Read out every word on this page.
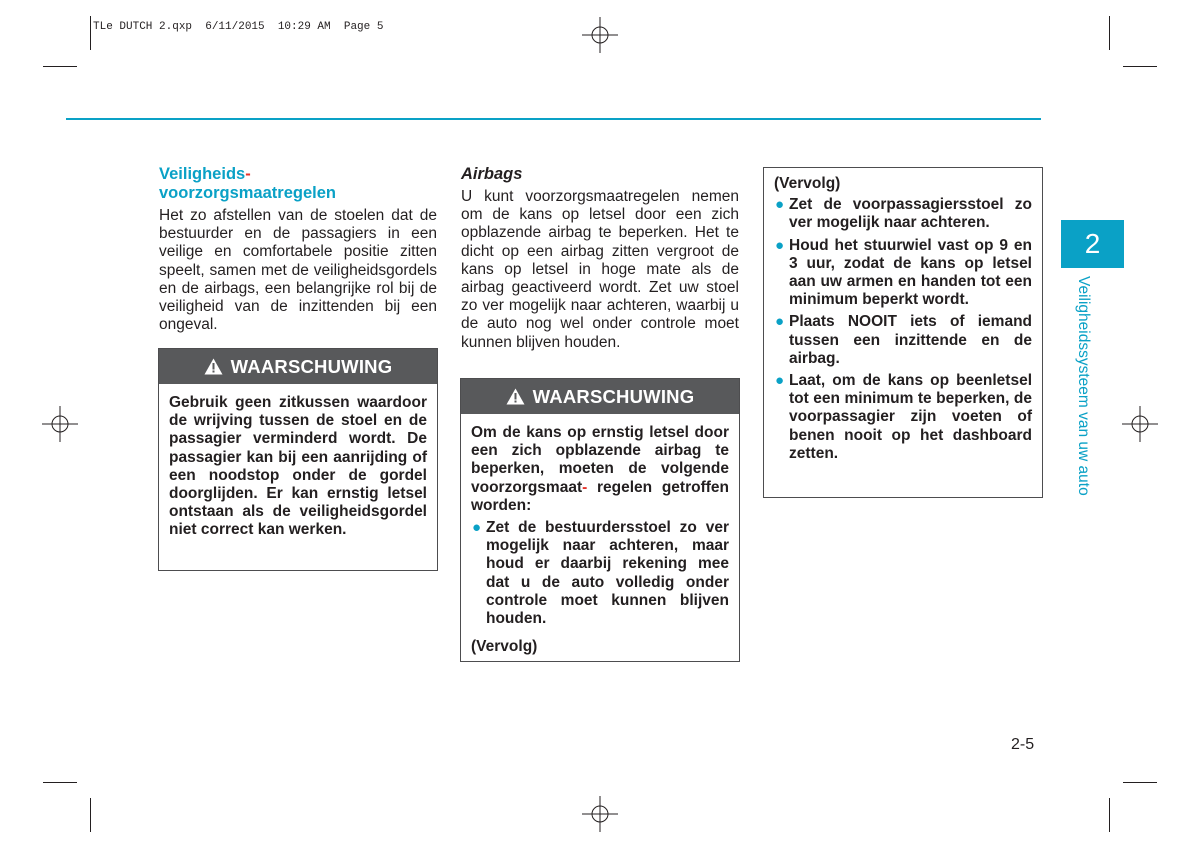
TLe DUTCH 2.qxp  6/11/2015  10:29 AM  Page 5
Veiligheids-
voorzorgsmaatregelen
Het zo afstellen van de stoelen dat de bestuurder en de passagiers in een veilige en comfortabele positie zitten speelt, samen met de veiligheidsgordels en de airbags, een belangrijke rol bij de veiligheid van de inzittenden bij een ongeval.
WAARSCHUWING
Gebruik geen zitkussen waardoor de wrijving tussen de stoel en de passagier verminderd wordt. De passagier kan bij een aanrijding of een noodstop onder de gordel doorglijden. Er kan ernstig letsel ontstaan als de veiligheidsgordel niet correct kan werken.
Airbags
U kunt voorzorgsmaatregelen nemen om de kans op letsel door een zich opblazende airbag te beperken. Het te dicht op een airbag zitten vergroot de kans op letsel in hoge mate als de airbag geactiveerd wordt. Zet uw stoel zo ver mogelijk naar achteren, waarbij u de auto nog wel onder controle moet kunnen blijven houden.
WAARSCHUWING
Om de kans op ernstig letsel door een zich opblazende airbag te beperken, moeten de volgende voorzorgsmaat- regelen getroffen worden:
● Zet de bestuurdersstoel zo ver mogelijk naar achteren, maar houd er daarbij rekening mee dat u de auto volledig onder controle moet kunnen blijven houden.
(Vervolg)
(Vervolg)
● Zet de voorpassagiersstoel zo ver mogelijk naar achteren.
● Houd het stuurwiel vast op 9 en 3 uur, zodat de kans op letsel aan uw armen en handen tot een minimum beperkt wordt.
● Plaats NOOIT iets of iemand tussen een inzittende en de airbag.
● Laat, om de kans op beenletsel tot een minimum te beperken, de voorpassagier zijn voeten of benen nooit op het dashboard zetten.
2
Veiligheidssysteem van uw auto
2-5
